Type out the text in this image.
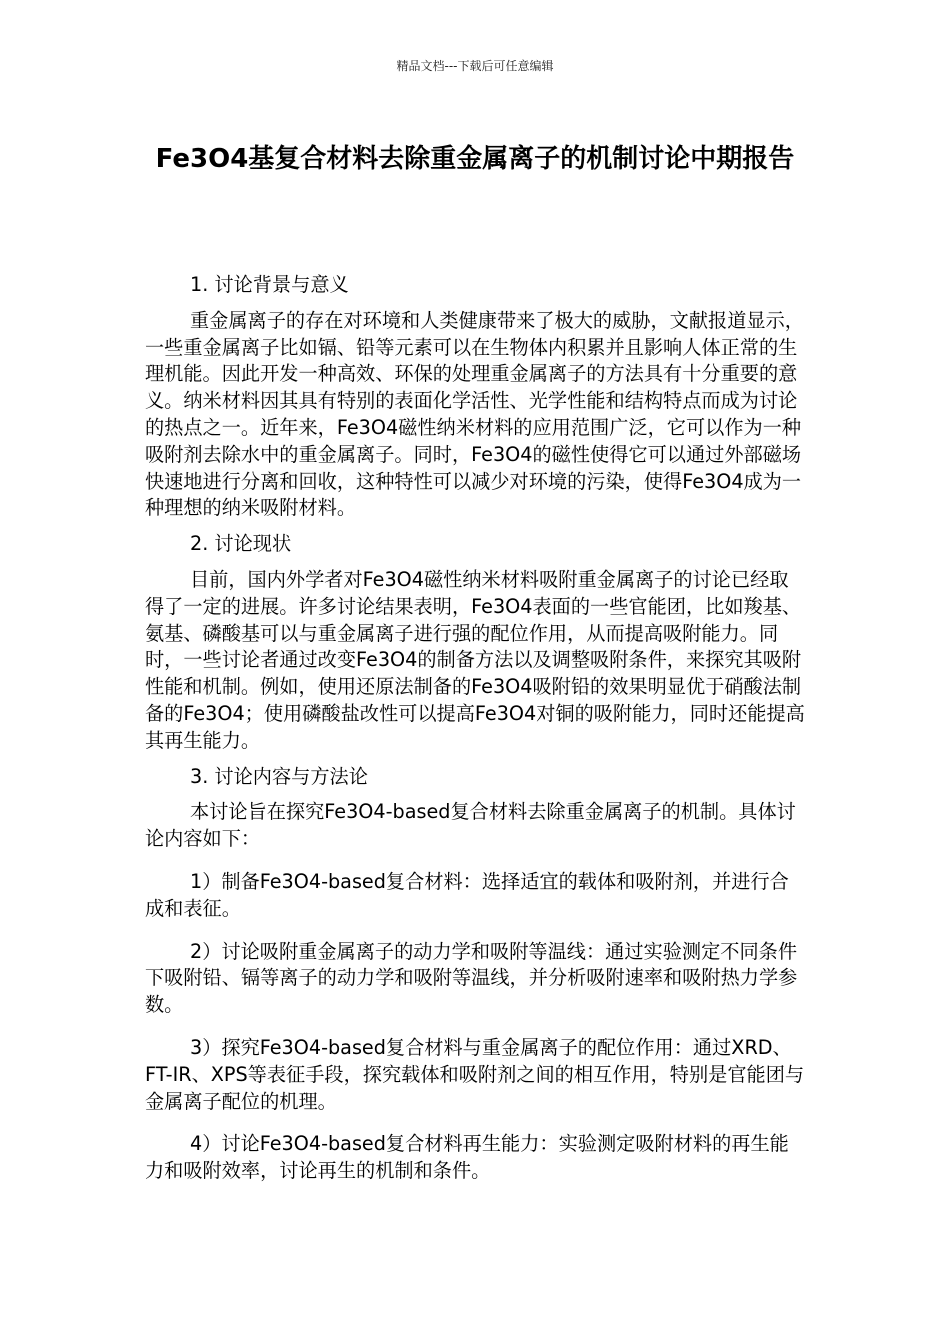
精品文档---下载后可任意编辑
Fe3O4基复合材料去除重金属离子的机制讨论中期报告

1. 讨论背景与意义

重金属离子的存在对环境和人类健康带来了极大的威胁，文献报道显示，一些重金属离子比如镉、铅等元素可以在生物体内积累并且影响人体正常的生理机能。因此开发一种高效、环保的处理重金属离子的方法具有十分重要的意义。纳米材料因其具有特别的表面化学活性、光学性能和结构特点而成为讨论的热点之一。近年来，Fe3O4磁性纳米材料的应用范围广泛，它可以作为一种吸附剂去除水中的重金属离子。同时，Fe3O4的磁性使得它可以通过外部磁场快速地进行分离和回收，这种特性可以减少对环境的污染，使得Fe3O4成为一种理想的纳米吸附材料。

2. 讨论现状

目前，国内外学者对Fe3O4磁性纳米材料吸附重金属离子的讨论已经取得了一定的进展。许多讨论结果表明，Fe3O4表面的一些官能团，比如羧基、氨基、磷酸基可以与重金属离子进行强的配位作用，从而提高吸附能力。同时，一些讨论者通过改变Fe3O4的制备方法以及调整吸附条件，来探究其吸附性能和机制。例如，使用还原法制备的Fe3O4吸附铅的效果明显优于硝酸法制备的Fe3O4；使用磷酸盐改性可以提高Fe3O4对铜的吸附能力，同时还能提高其再生能力。

3. 讨论内容与方法论

本讨论旨在探究Fe3O4-based复合材料去除重金属离子的机制。具体讨论内容如下：

1）制备Fe3O4-based复合材料：选择适宜的载体和吸附剂，并进行合成和表征。

2）讨论吸附重金属离子的动力学和吸附等温线：通过实验测定不同条件下吸附铅、镉等离子的动力学和吸附等温线，并分析吸附速率和吸附热力学参数。

3）探究Fe3O4-based复合材料与重金属离子的配位作用：通过XRD、FT-IR、XPS等表征手段，探究载体和吸附剂之间的相互作用，特别是官能团与金属离子配位的机理。

4）讨论Fe3O4-based复合材料再生能力：实验测定吸附材料的再生能力和吸附效率，讨论再生的机制和条件。
